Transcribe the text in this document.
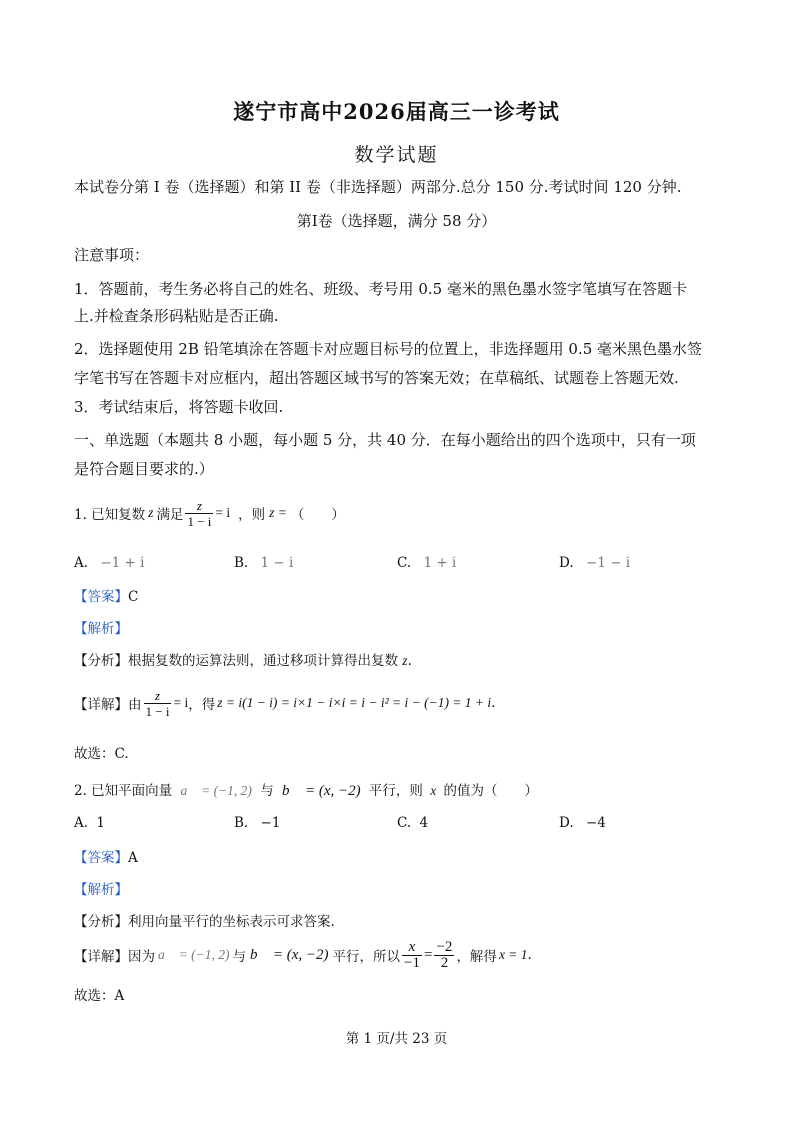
遂宁市高中2026届高三一诊考试
数学试题
本试卷分第 I 卷（选择题）和第 II 卷（非选择题）两部分.总分 150 分.考试时间 120 分钟.
第Ⅰ卷（选择题，满分 58 分）
注意事项：
1．答题前，考生务必将自己的姓名、班级、考号用 0.5 毫米的黑色墨水签字笔填写在答题卡
上.并检查条形码粘贴是否正确.
2．选择题使用 2B 铅笔填涂在答题卡对应题目标号的位置上，非选择题用 0.5 毫米黑色墨水签
字笔书写在答题卡对应框内，超出答题区域书写的答案无效；在草稿纸、试题卷上答题无效.
3．考试结束后，将答题卡收回.
一、单选题（本题共 8 小题，每小题 5 分，共 40 分．在每小题给出的四个选项中，只有一项
是符合题目要求的.）
1. 已知复数 z 满足 $\frac{z}{1 - i} = i$ ，则 z = （　　）
A. −1 + i	B. 1 − i	C. 1 + i	D. −1 − i
【答案】C
【解析】
【分析】根据复数的运算法则，通过移项计算得出复数 z.
【详解】 由 $\frac{z}{1 - i} = i$ ，得 z = i(1 − i) = i×1 − i×i = i − i² = i − (−1) = 1 + i .
故选：C.
2. 已知平面向量 a⃗ = (−1, 2) 与 b⃗ = (x, −2) 平行，则 x 的值为（　　）
A. 1	B. −1	C. 4	D. −4
【答案】A
【解析】
【分析】利用向量平行的坐标表示可求答案.
【详解】 因为 a⃗ = (−1, 2) 与 b⃗ = (x, −2) 平行，所以 $\frac{x}{-1} = \frac{-2}{2}$ ，解得 x = 1 .
故选：A
第 1 页/共 23 页
